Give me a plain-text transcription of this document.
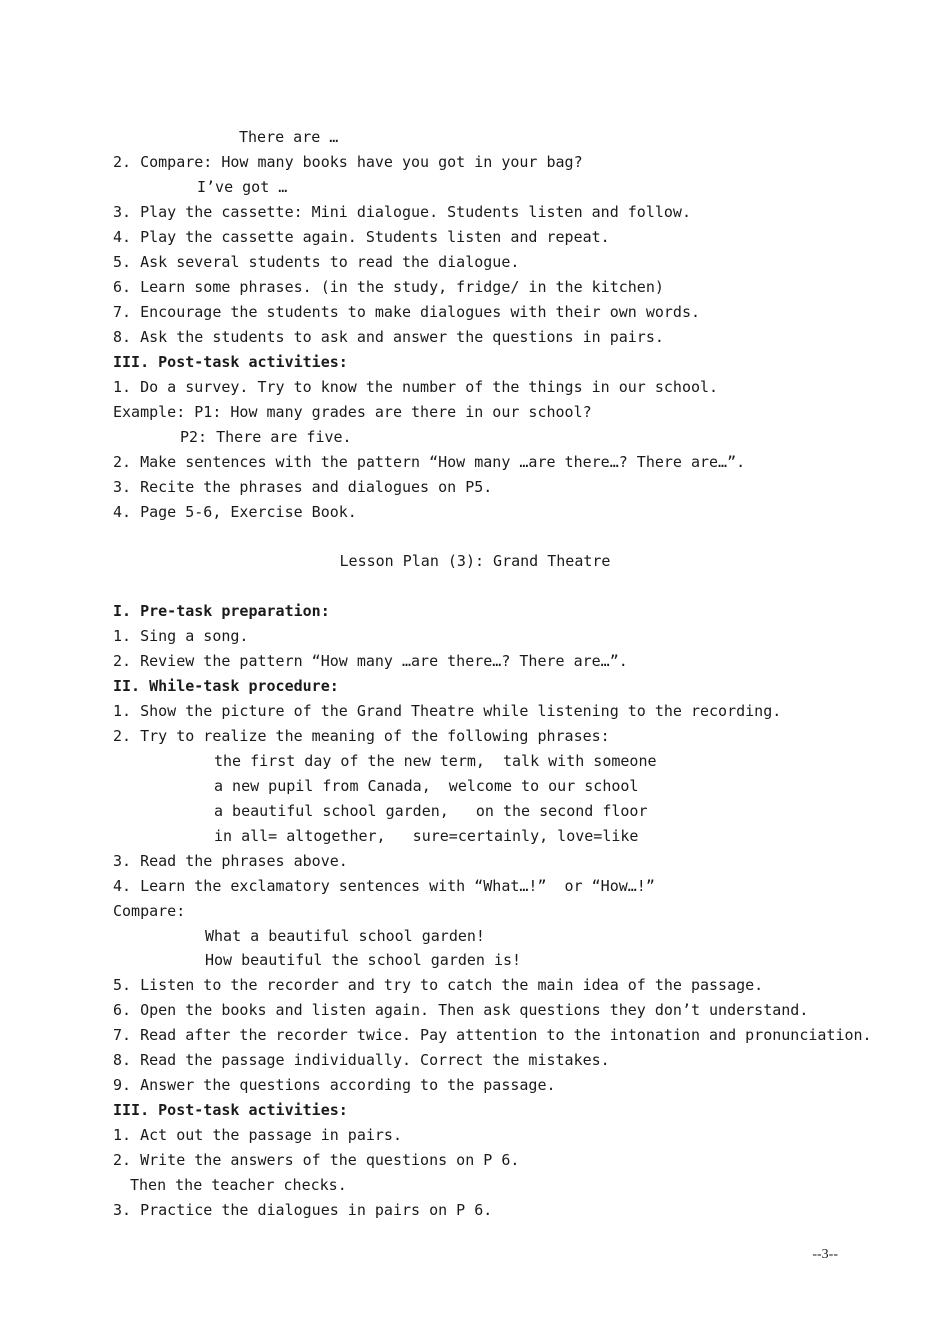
There are …
2. Compare: How many books have you got in your bag?
I’ve got …
3. Play the cassette: Mini dialogue. Students listen and follow.
4. Play the cassette again. Students listen and repeat.
5. Ask several students to read the dialogue.
6. Learn some phrases. (in the study, fridge/ in the kitchen)
7. Encourage the students to make dialogues with their own words.
8. Ask the students to ask and answer the questions in pairs.
III. Post-task activities:
1. Do a survey. Try to know the number of the things in our school.
Example: P1: How many grades are there in our school?
P2: There are five.
2. Make sentences with the pattern “How many …are there…? There are…”.
3. Recite the phrases and dialogues on P5.
4. Page 5-6, Exercise Book.
Lesson Plan (3): Grand Theatre
I. Pre-task preparation:
1. Sing a song.
2. Review the pattern “How many …are there…? There are…”.
II. While-task procedure:
1. Show the picture of the Grand Theatre while listening to the recording.
2. Try to realize the meaning of the following phrases:
the first day of the new term,  talk with someone
a new pupil from Canada,  welcome to our school
a beautiful school garden,   on the second floor
in all= altogether,   sure=certainly, love=like
3. Read the phrases above.
4. Learn the exclamatory sentences with “What…!”  or “How…!”
Compare:
What a beautiful school garden!
How beautiful the school garden is!
5. Listen to the recorder and try to catch the main idea of the passage.
6. Open the books and listen again. Then ask questions they don’t understand.
7. Read after the recorder twice. Pay attention to the intonation and pronunciation.
8. Read the passage individually. Correct the mistakes.
9. Answer the questions according to the passage.
III. Post-task activities:
1. Act out the passage in pairs.
2. Write the answers of the questions on P 6.
Then the teacher checks.
3. Practice the dialogues in pairs on P 6.
--3--
